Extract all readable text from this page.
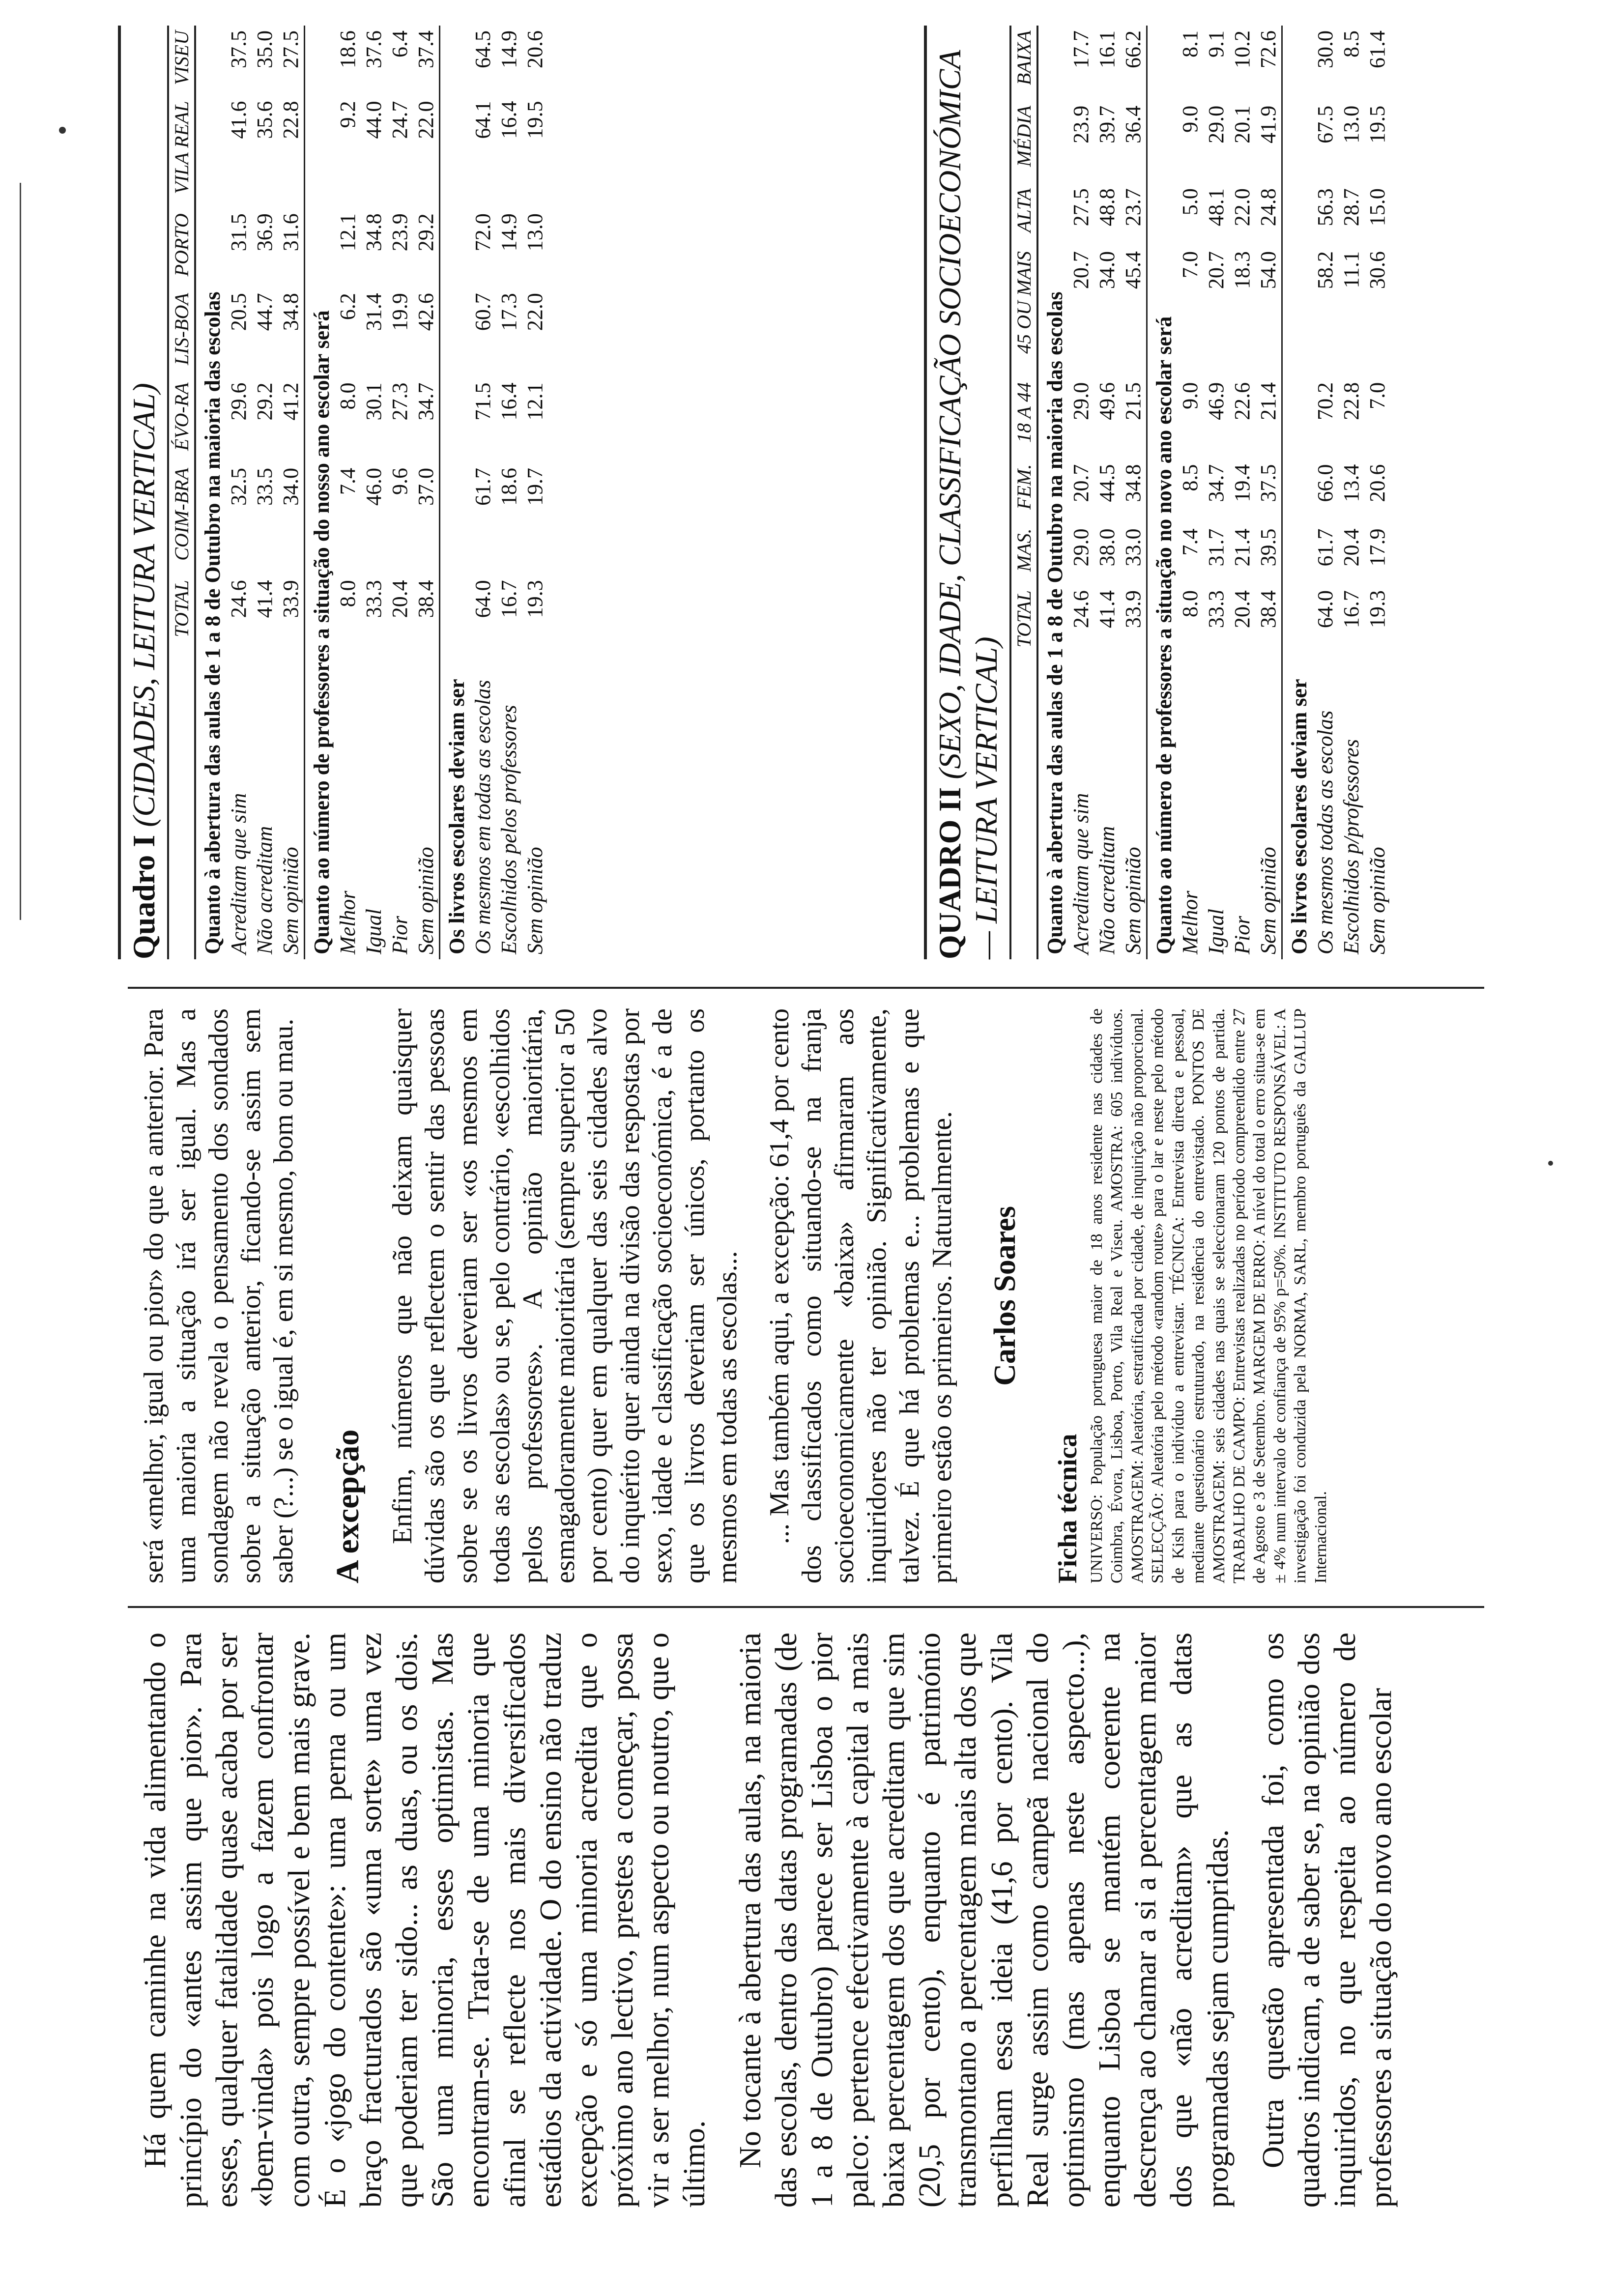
Há quem caminhe na vida alimentando o princípio do «antes assim que pior». Para esses, qualquer fatalidade quase acaba por ser «bem-vinda» pois logo a fazem confrontar com outra, sempre possível e bem mais grave. É o «jogo do contente»: uma perna ou um braço fracturados são «uma sorte» uma vez que poderiam ter sido... as duas, ou os dois. São uma minoria, esses optimistas. Mas encontram-se. Trata-se de uma minoria que afinal se reflecte nos mais diversificados estádios da actividade. O do ensino não traduz excepção e só uma minoria acredita que o próximo ano lectivo, prestes a começar, possa vir a ser melhor, num aspecto ou noutro, que o último. No tocante à abertura das aulas, na maioria das escolas, dentro das datas programadas (de 1 a 8 de Outubro) parece ser Lisboa o pior palco: pertence efectivamente à capital a mais baixa percentagem dos que acreditam que sim (20,5 por cento), enquanto é património transmontano a percentagem mais alta dos que perfilham essa ideia (41,6 por cento). Vila Real surge assim como campeã nacional do optimismo (mas apenas neste aspecto...), enquanto Lisboa se mantém coerente na descrença ao chamar a si a percentagem maior dos que «não acreditam» que as datas programadas sejam cumpridas. Outra questão apresentada foi, como os quadros indicam, a de saber se, na opinião dos inquiridos, no que respeita ao número de professores a situação do novo ano escolar

será «melhor, igual ou pior» do que a anterior. Para uma maioria a situação irá ser igual. Mas a sondagem não revela o pensamento dos sondados sobre a situação anterior, ficando-se assim sem saber (?...) se o igual é, em si mesmo, bom ou mau. A excepção Enfim, números que não deixam quaisquer dúvidas são os que reflectem o sentir das pessoas sobre se os livros deveriam ser «os mesmos em todas as escolas» ou se, pelo contrário, «escolhidos pelos professores». A opinião maioritária, esmagadoramente maioritária (sempre superior a 50 por cento) quer em qualquer das seis cidades alvo do inquérito quer ainda na divisão das respostas por sexo, idade e classificação socioeconómica, é a de que os livros deveriam ser únicos, portanto os mesmos em todas as escolas... ... Mas também aqui, a excepção: 61,4 por cento dos classificados como situando-se na franja socioeconomicamente «baixa» afirmaram aos inquiridores não ter opinião. Significativamente, talvez. É que há problemas e... problemas e que primeiro estão os primeiros. Naturalmente. Carlos Soares
Ficha técnica UNIVERSO: População portuguesa maior de 18 anos residente nas cidades de Coimbra, Évora, Lisboa, Porto, Vila Real e Viseu. AMOSTRA: 605 indivíduos. AMOSTRAGEM: Aleatória, estratificada por cidade, de inquirição não proporcional. SELECÇÃO: Aleatória pelo método «random route» para o lar e neste pelo método de Kish para o indivíduo a entrevistar. TÉCNICA: Entrevista directa e pessoal, mediante questionário estruturado, na residência do entrevistado. PONTOS DE AMOSTRAGEM: seis cidades nas quais se seleccionaram 120 pontos de partida. TRABALHO DE CAMPO: Entrevistas realizadas no período compreendido entre 27 de Agosto e 3 de Setembro. MARGEM DE ERRO: A nível do total o erro situa-se em ± 4% num intervalo de confiança de 95% p=50%. INSTITUTO RESPONSÁVEL: A investigação foi conduzida pela NORMA, SARL, membro português da GALLUP Internacional.
Quadro I (CIDADES, LEITURA VERTICAL)
	TOTAL	COIM-BRA	ÉVO-RA	LIS-BOA	PORTO	VILA REAL	VISEU
Quanto à abertura das aulas de 1 a 8 de Outubro na maioria das escolas							
Acreditam que sim	24.6	32.5	29.6	20.5	31.5	41.6	37.5
Não acreditam	41.4	33.5	29.2	44.7	36.9	35.6	35.0
Sem opinião	33.9	34.0	41.2	34.8	31.6	22.8	27.5
Quanto ao número de professores a situação do nosso ano escolar será							
Melhor	8.0	7.4	8.0	6.2	12.1	9.2	18.6
Igual	33.3	46.0	30.1	31.4	34.8	44.0	37.6
Pior	20.4	9.6	27.3	19.9	23.9	24.7	6.4
Sem opinião	38.4	37.0	34.7	42.6	29.2	22.0	37.4
Os livros escolares deviam ser							
Os mesmos em todas as escolas	64.0	61.7	71.5	60.7	72.0	64.1	64.5
Escolhidos pelos professores	16.7	18.6	16.4	17.3	14.9	16.4	14.9
Sem opinião	19.3	19.7	12.1	22.0	13.0	19.5	20.6
QUADRO II (SEXO, IDADE, CLASSIFICAÇÃO SOCIOECONÓMICA — LEITURA VERTICAL)
	TOTAL	MAS.	FEM.	18 A 44	45 OU MAIS	ALTA	MÉDIA	BAIXA
Quanto à abertura das aulas de 1 a 8 de Outubro na maioria das escolas								
Acreditam que sim	24.6	29.0	20.7	29.0	20.7	27.5	23.9	17.7
Não acreditam	41.4	38.0	44.5	49.6	34.0	48.8	39.7	16.1
Sem opinião	33.9	33.0	34.8	21.5	45.4	23.7	36.4	66.2
Quanto ao número de professores a situação no novo ano escolar será								
Melhor	8.0	7.4	8.5	9.0	7.0	5.0	9.0	8.1
Igual	33.3	31.7	34.7	46.9	20.7	48.1	29.0	9.1
Pior	20.4	21.4	19.4	22.6	18.3	22.0	20.1	10.2
Sem opinião	38.4	39.5	37.5	21.4	54.0	24.8	41.9	72.6
Os livros escolares deviam ser								
Os mesmos todas as escolas	64.0	61.7	66.0	70.2	58.2	56.3	67.5	30.0
Escolhidos p/professores	16.7	20.4	13.4	22.8	11.1	28.7	13.0	8.5
Sem opinião	19.3	17.9	20.6	7.0	30.6	15.0	19.5	61.4
